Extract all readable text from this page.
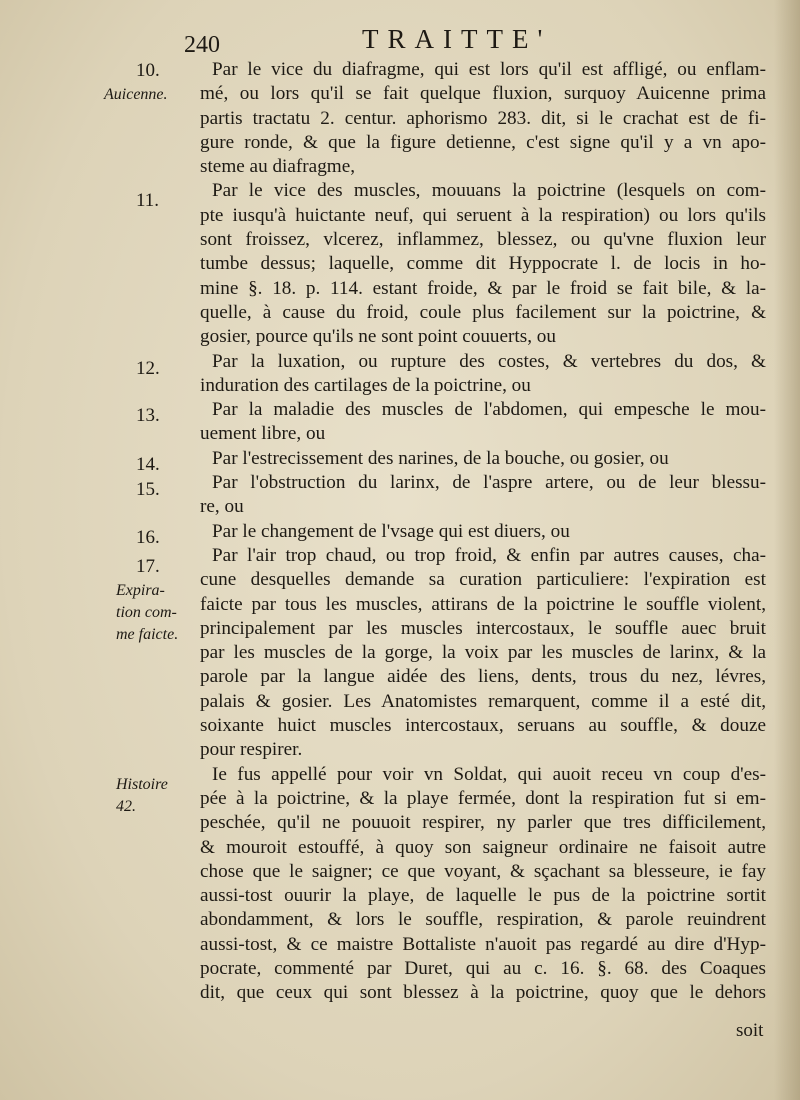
240	TRAITTE'
10.
Auicenne.
11.
12.
13.
14.
15.
16.
17.
Expira-
tion com-
me faicte.
Histoire
42.
Par le vice du diafragme, qui est lors qu'il est affligé, ou enflam-
mé, ou lors qu'il se fait quelque fluxion, surquoy Auicenne prima
partis tractatu 2. centur. aphorismo 283. dit, si le crachat est de fi-
gure ronde, & que la figure detienne, c'est signe qu'il y a vn apo-
steme au diafragme,
Par le vice des muscles, mouuans la poictrine (lesquels on com-
pte iusqu'à huictante neuf, qui seruent à la respiration) ou lors qu'ils
sont froissez, vlcerez, inflammez, blessez, ou qu'vne fluxion leur
tumbe dessus; laquelle, comme dit Hyppocrate l. de locis in ho-
mine §. 18. p. 114. estant froide, & par le froid se fait bile, & la-
quelle, à cause du froid, coule plus facilement sur la poictrine, &
gosier, pource qu'ils ne sont point couuerts, ou
Par la luxation, ou rupture des costes, & vertebres du dos, &
induration des cartilages de la poictrine, ou
Par la maladie des muscles de l'abdomen, qui empesche le mou-
uement libre, ou
Par l'estrecissement des narines, de la bouche, ou gosier, ou
Par l'obstruction du larinx, de l'aspre artere, ou de leur blessu-
re, ou
Par le changement de l'vsage qui est diuers, ou
Par l'air trop chaud, ou trop froid, & enfin par autres causes, cha-
cune desquelles demande sa curation particuliere: l'expiration est
faicte par tous les muscles, attirans de la poictrine le souffle violent,
principalement par les muscles intercostaux, le souffle auec bruit
par les muscles de la gorge, la voix par les muscles de larinx, & la
parole par la langue aidée des liens, dents, trous du nez, lévres,
palais & gosier. Les Anatomistes remarquent, comme il a esté dit,
soixante huict muscles intercostaux, seruans au souffle, & douze
pour respirer.
Ie fus appellé pour voir vn Soldat, qui auoit receu vn coup d'es-
pée à la poictrine, & la playe fermée, dont la respiration fut si em-
peschée, qu'il ne pouuoit respirer, ny parler que tres difficilement,
& mouroit estouffé, à quoy son saigneur ordinaire ne faisoit autre
chose que le saigner; ce que voyant, & sçachant sa blesseure, ie fay
aussi-tost ouurir la playe, de laquelle le pus de la poictrine sortit
abondamment, & lors le souffle, respiration, & parole reuindrent
aussi-tost, & ce maistre Bottaliste n'auoit pas regardé au dire d'Hyp-
pocrate, commenté par Duret, qui au c. 16. §. 68. des Coaques
dit, que ceux qui sont blessez à la poictrine, quoy que le dehors
soit
